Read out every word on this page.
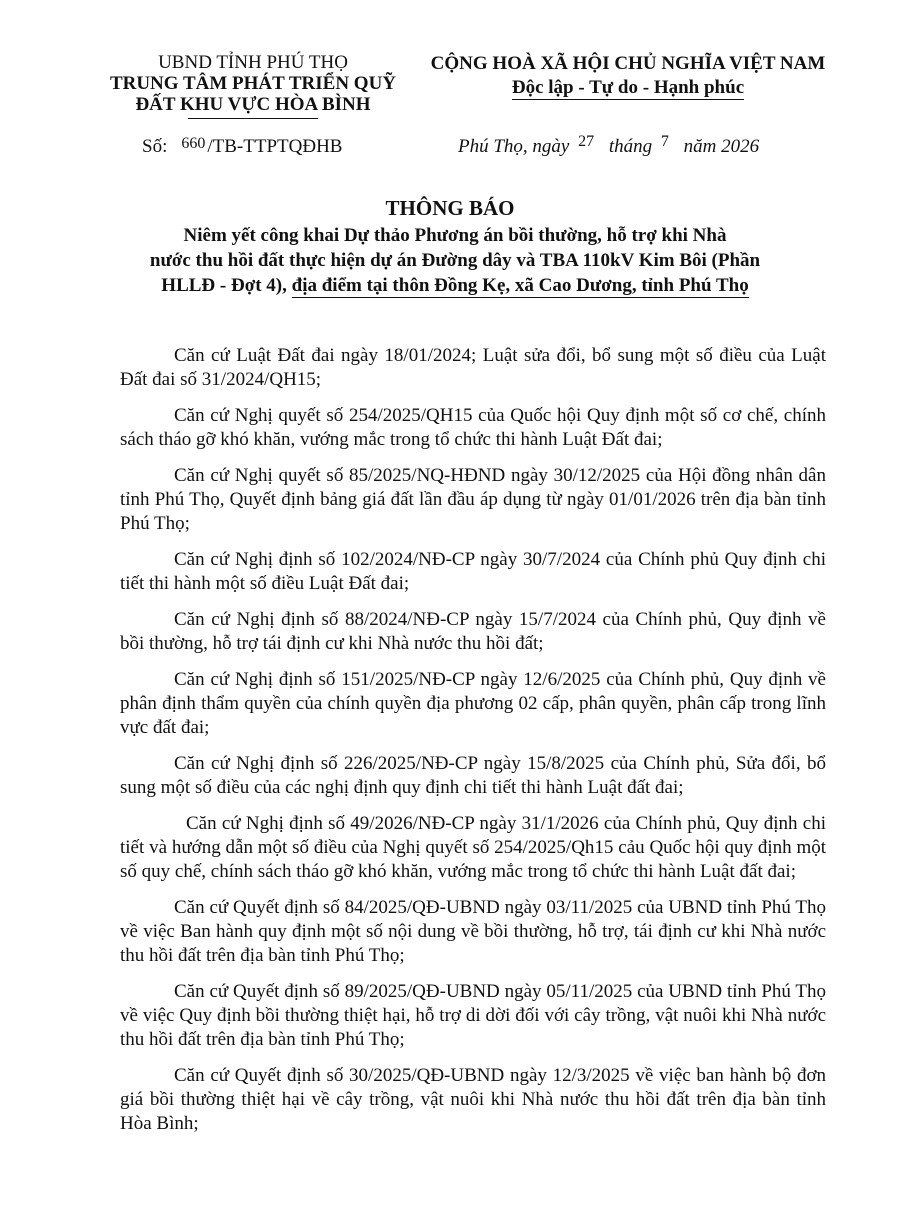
UBND TỈNH PHÚ THỌ
TRUNG TÂM PHÁT TRIỂN QUỸ
ĐẤT KHU VỰC HÒA BÌNH
CỘNG HOÀ XÃ HỘI CHỦ NGHĨA VIỆT NAM
Độc lập - Tự do - Hạnh phúc
Số: $^{660}$ /TB-TTPTQĐHB	Phú Thọ, ngày $^{27}$ tháng $^7$ năm 2026
THÔNG BÁO
Niêm yết công khai Dự thảo Phương án bồi thường, hỗ trợ khi Nhà
nước thu hồi đất thực hiện dự án Đường dây và TBA 110kV Kim Bôi (Phần
HLLĐ - Đợt 4), địa điểm tại thôn Đồng Kẹ, xã Cao Dương, tỉnh Phú Thọ

Căn cứ Luật Đất đai ngày 18/01/2024; Luật sửa đổi, bổ sung một số điều của Luật Đất đai số 31/2024/QH15;

Căn cứ Nghị quyết số 254/2025/QH15 của Quốc hội Quy định một số cơ chế, chính sách tháo gỡ khó khăn, vướng mắc trong tổ chức thi hành Luật Đất đai;

Căn cứ Nghị quyết số 85/2025/NQ-HĐND ngày 30/12/2025 của Hội đồng nhân dân tỉnh Phú Thọ, Quyết định bảng giá đất lần đầu áp dụng từ ngày 01/01/2026 trên địa bàn tỉnh Phú Thọ;

Căn cứ Nghị định số 102/2024/NĐ-CP ngày 30/7/2024 của Chính phủ Quy định chi tiết thi hành một số điều Luật Đất đai;

Căn cứ Nghị định số 88/2024/NĐ-CP ngày 15/7/2024 của Chính phủ, Quy định về bồi thường, hỗ trợ tái định cư khi Nhà nước thu hồi đất;

Căn cứ Nghị định số 151/2025/NĐ-CP ngày 12/6/2025 của Chính phủ, Quy định về phân định thẩm quyền của chính quyền địa phương 02 cấp, phân quyền, phân cấp trong lĩnh vực đất đai;

Căn cứ Nghị định số 226/2025/NĐ-CP ngày 15/8/2025 của Chính phủ, Sửa đổi, bổ sung một số điều của các nghị định quy định chi tiết thi hành Luật đất đai;

Căn cứ Nghị định số 49/2026/NĐ-CP ngày 31/1/2026 của Chính phủ, Quy định chi tiết và hướng dẫn một số điều của Nghị quyết số 254/2025/Qh15 cảu Quốc hội quy định một số quy chế, chính sách tháo gỡ khó khăn, vướng mắc trong tổ chức thi hành Luật đất đai;

Căn cứ Quyết định số 84/2025/QĐ-UBND ngày 03/11/2025 của UBND tỉnh Phú Thọ về việc Ban hành quy định một số nội dung về bồi thường, hỗ trợ, tái định cư khi Nhà nước thu hồi đất trên địa bàn tỉnh Phú Thọ;

Căn cứ Quyết định số 89/2025/QĐ-UBND ngày 05/11/2025 của UBND tỉnh Phú Thọ về việc Quy định bồi thường thiệt hại, hỗ trợ di dời đối với cây trồng, vật nuôi khi Nhà nước thu hồi đất trên địa bàn tỉnh Phú Thọ;

Căn cứ Quyết định số 30/2025/QĐ-UBND ngày 12/3/2025 về việc ban hành bộ đơn giá bồi thường thiệt hại về cây trồng, vật nuôi khi Nhà nước thu hồi đất trên địa bàn tỉnh Hòa Bình;
